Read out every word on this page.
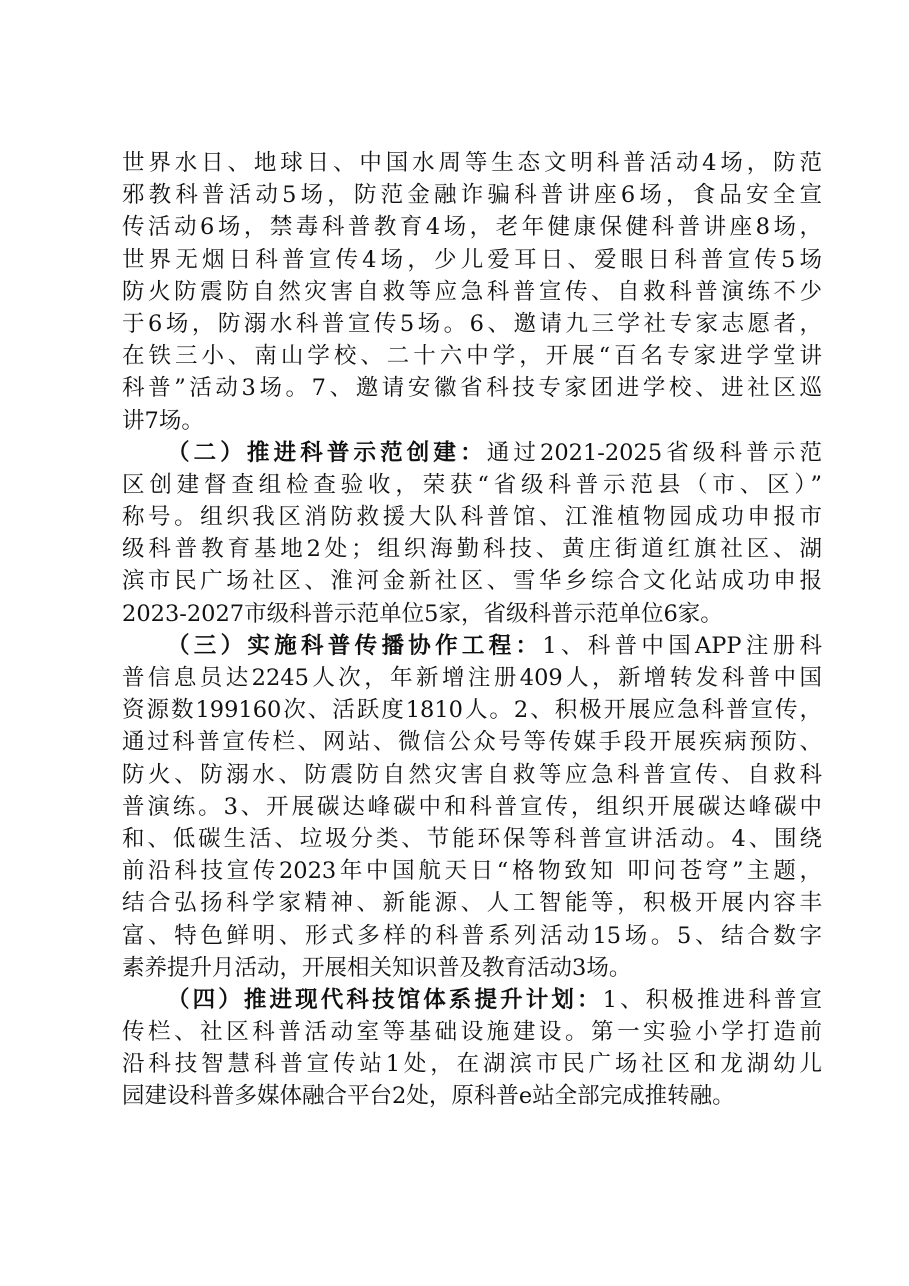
世界水日、地球日、中国水周等生态文明科普活动4场，防范
邪教科普活动5场，防范金融诈骗科普讲座6场，食品安全宣
传活动6场，禁毒科普教育4场，老年健康保健科普讲座8场，
世界无烟日科普宣传4场，少儿爱耳日、爱眼日科普宣传5场
防火防震防自然灾害自救等应急科普宣传、自救科普演练不少
于6场，防溺水科普宣传5场。6、邀请九三学社专家志愿者，
在铁三小、南山学校、二十六中学，开展“百名专家进学堂讲
科普”活动3场。7、邀请安徽省科技专家团进学校、进社区巡
讲7场。
（二）推进科普示范创建：通过2021-2025省级科普示范
区创建督查组检查验收，荣获“省级科普示范县（市、区）”
称号。组织我区消防救援大队科普馆、江淮植物园成功申报市
级科普教育基地2处；组织海勤科技、黄庄街道红旗社区、湖
滨市民广场社区、淮河金新社区、雪华乡综合文化站成功申报
2023-2027市级科普示范单位5家，省级科普示范单位6家。
（三）实施科普传播协作工程：1、科普中国APP注册科
普信息员达2245人次，年新增注册409人，新增转发科普中国
资源数199160次、活跃度1810人。2、积极开展应急科普宣传，
通过科普宣传栏、网站、微信公众号等传媒手段开展疾病预防、
防火、防溺水、防震防自然灾害自救等应急科普宣传、自救科
普演练。3、开展碳达峰碳中和科普宣传，组织开展碳达峰碳中
和、低碳生活、垃圾分类、节能环保等科普宣讲活动。4、围绕
前沿科技宣传2023年中国航天日“格物致知 叩问苍穹”主题，
结合弘扬科学家精神、新能源、人工智能等，积极开展内容丰
富、特色鲜明、形式多样的科普系列活动15场。5、结合数字
素养提升月活动，开展相关知识普及教育活动3场。
（四）推进现代科技馆体系提升计划：1、积极推进科普宣
传栏、社区科普活动室等基础设施建设。第一实验小学打造前
沿科技智慧科普宣传站1处，在湖滨市民广场社区和龙湖幼儿
园建设科普多媒体融合平台2处，原科普e站全部完成推转融。
